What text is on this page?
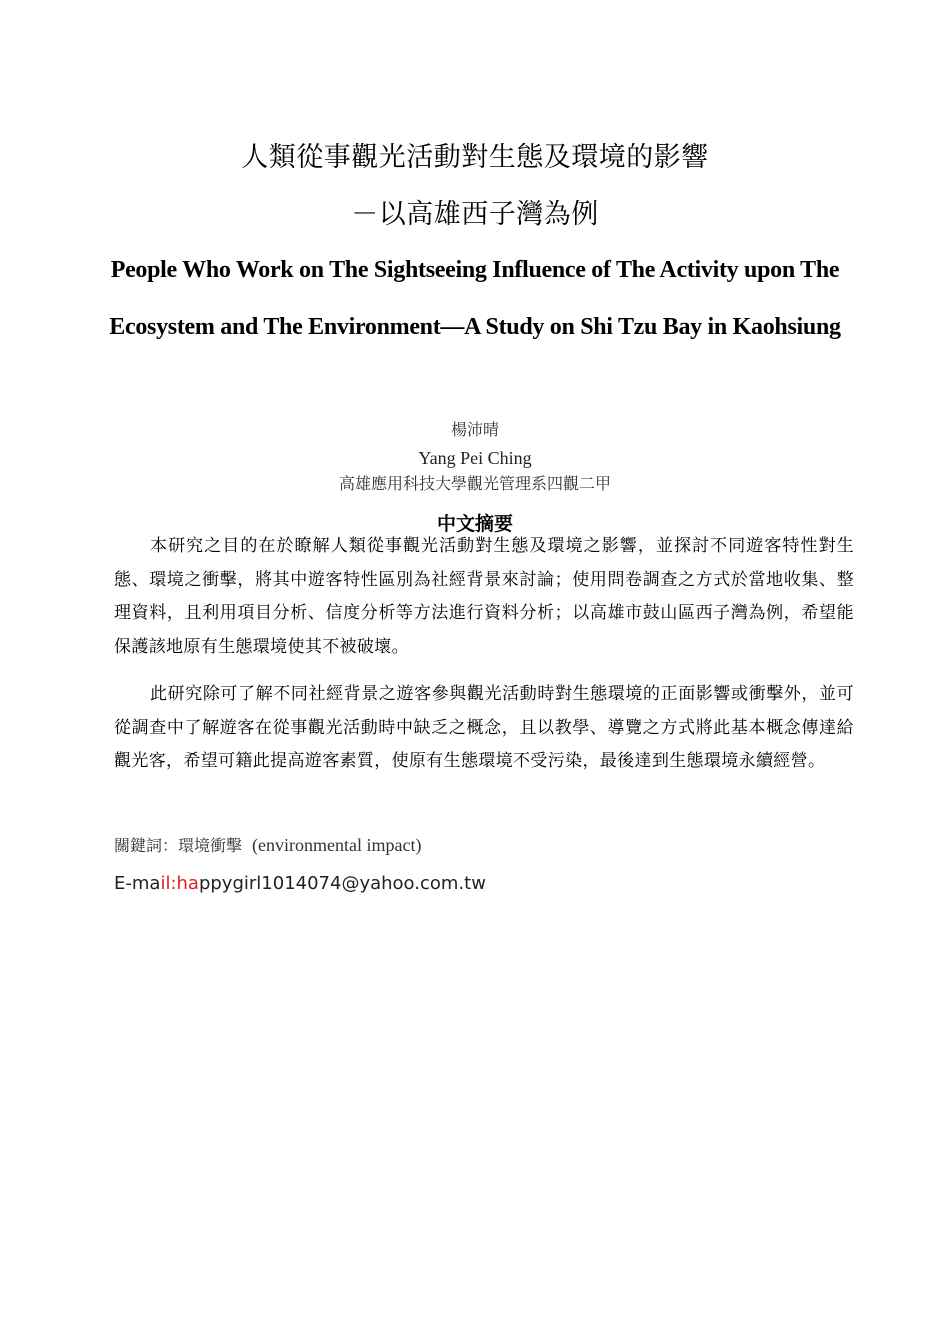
人類從事觀光活動對生態及環境的影響
－以高雄西子灣為例
People Who Work on The Sightseeing Influence of The Activity upon The Ecosystem and The Environment—A Study on Shi Tzu Bay in Kaohsiung
楊沛晴
Yang Pei Ching
高雄應用科技大學觀光管理系四觀二甲
中文摘要

本研究之目的在於瞭解人類從事觀光活動對生態及環境之影響，並探討不同遊客特性對生態、環境之衝擊，將其中遊客特性區別為社經背景來討論；使用問卷調查之方式於當地收集、整理資料，且利用項目分析、信度分析等方法進行資料分析；以高雄市鼓山區西子灣為例，希望能保護該地原有生態環境使其不被破壞。

此研究除可了解不同社經背景之遊客參與觀光活動時對生態環境的正面影響或衝擊外，並可從調查中了解遊客在從事觀光活動時中缺乏之概念，且以教學、導覽之方式將此基本概念傳達給觀光客，希望可籍此提高遊客素質，使原有生態環境不受污染，最後達到生態環境永續經營。

關鍵詞：環境衝擊 (environmental impact)
E-mail:happygirl1014074@yahoo.com.tw
